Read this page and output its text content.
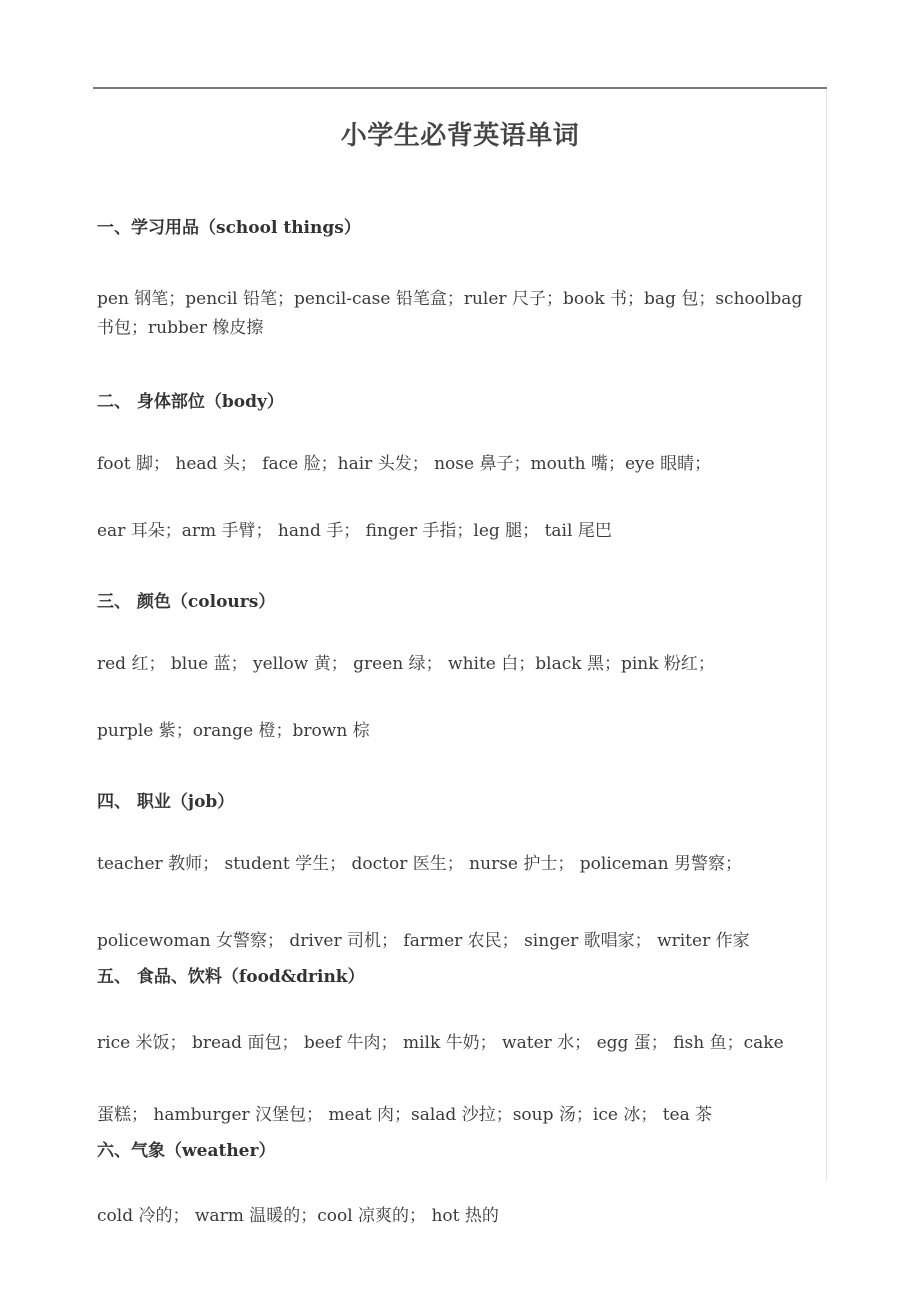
小学生必背英语单词
一、学习用品（school things）
pen 钢笔；pencil 铅笔；pencil-case 铅笔盒；ruler 尺子；book 书；bag 包；schoolbag 书包；rubber 橡皮擦
二、 身体部位（body）
foot 脚； head 头； face 脸；hair 头发； nose 鼻子；mouth 嘴；eye 眼睛；
ear 耳朵；arm 手臂； hand 手； finger 手指；leg 腿； tail 尾巴
三、 颜色（colours）
red 红； blue 蓝； yellow 黄； green 绿； white 白；black 黑；pink 粉红；
purple 紫；orange 橙；brown 棕
四、 职业（job）
teacher 教师； student 学生； doctor 医生； nurse 护士； policeman 男警察；
policewoman 女警察； driver 司机； farmer 农民； singer 歌唱家； writer 作家
五、 食品、饮料（food&drink）
rice 米饭； bread 面包； beef 牛肉； milk 牛奶； water 水； egg 蛋； fish 鱼；cake
蛋糕； hamburger 汉堡包； meat 肉；salad 沙拉；soup 汤；ice 冰； tea 茶
六、气象（weather）
cold 冷的； warm 温暖的；cool 凉爽的； hot 热的
